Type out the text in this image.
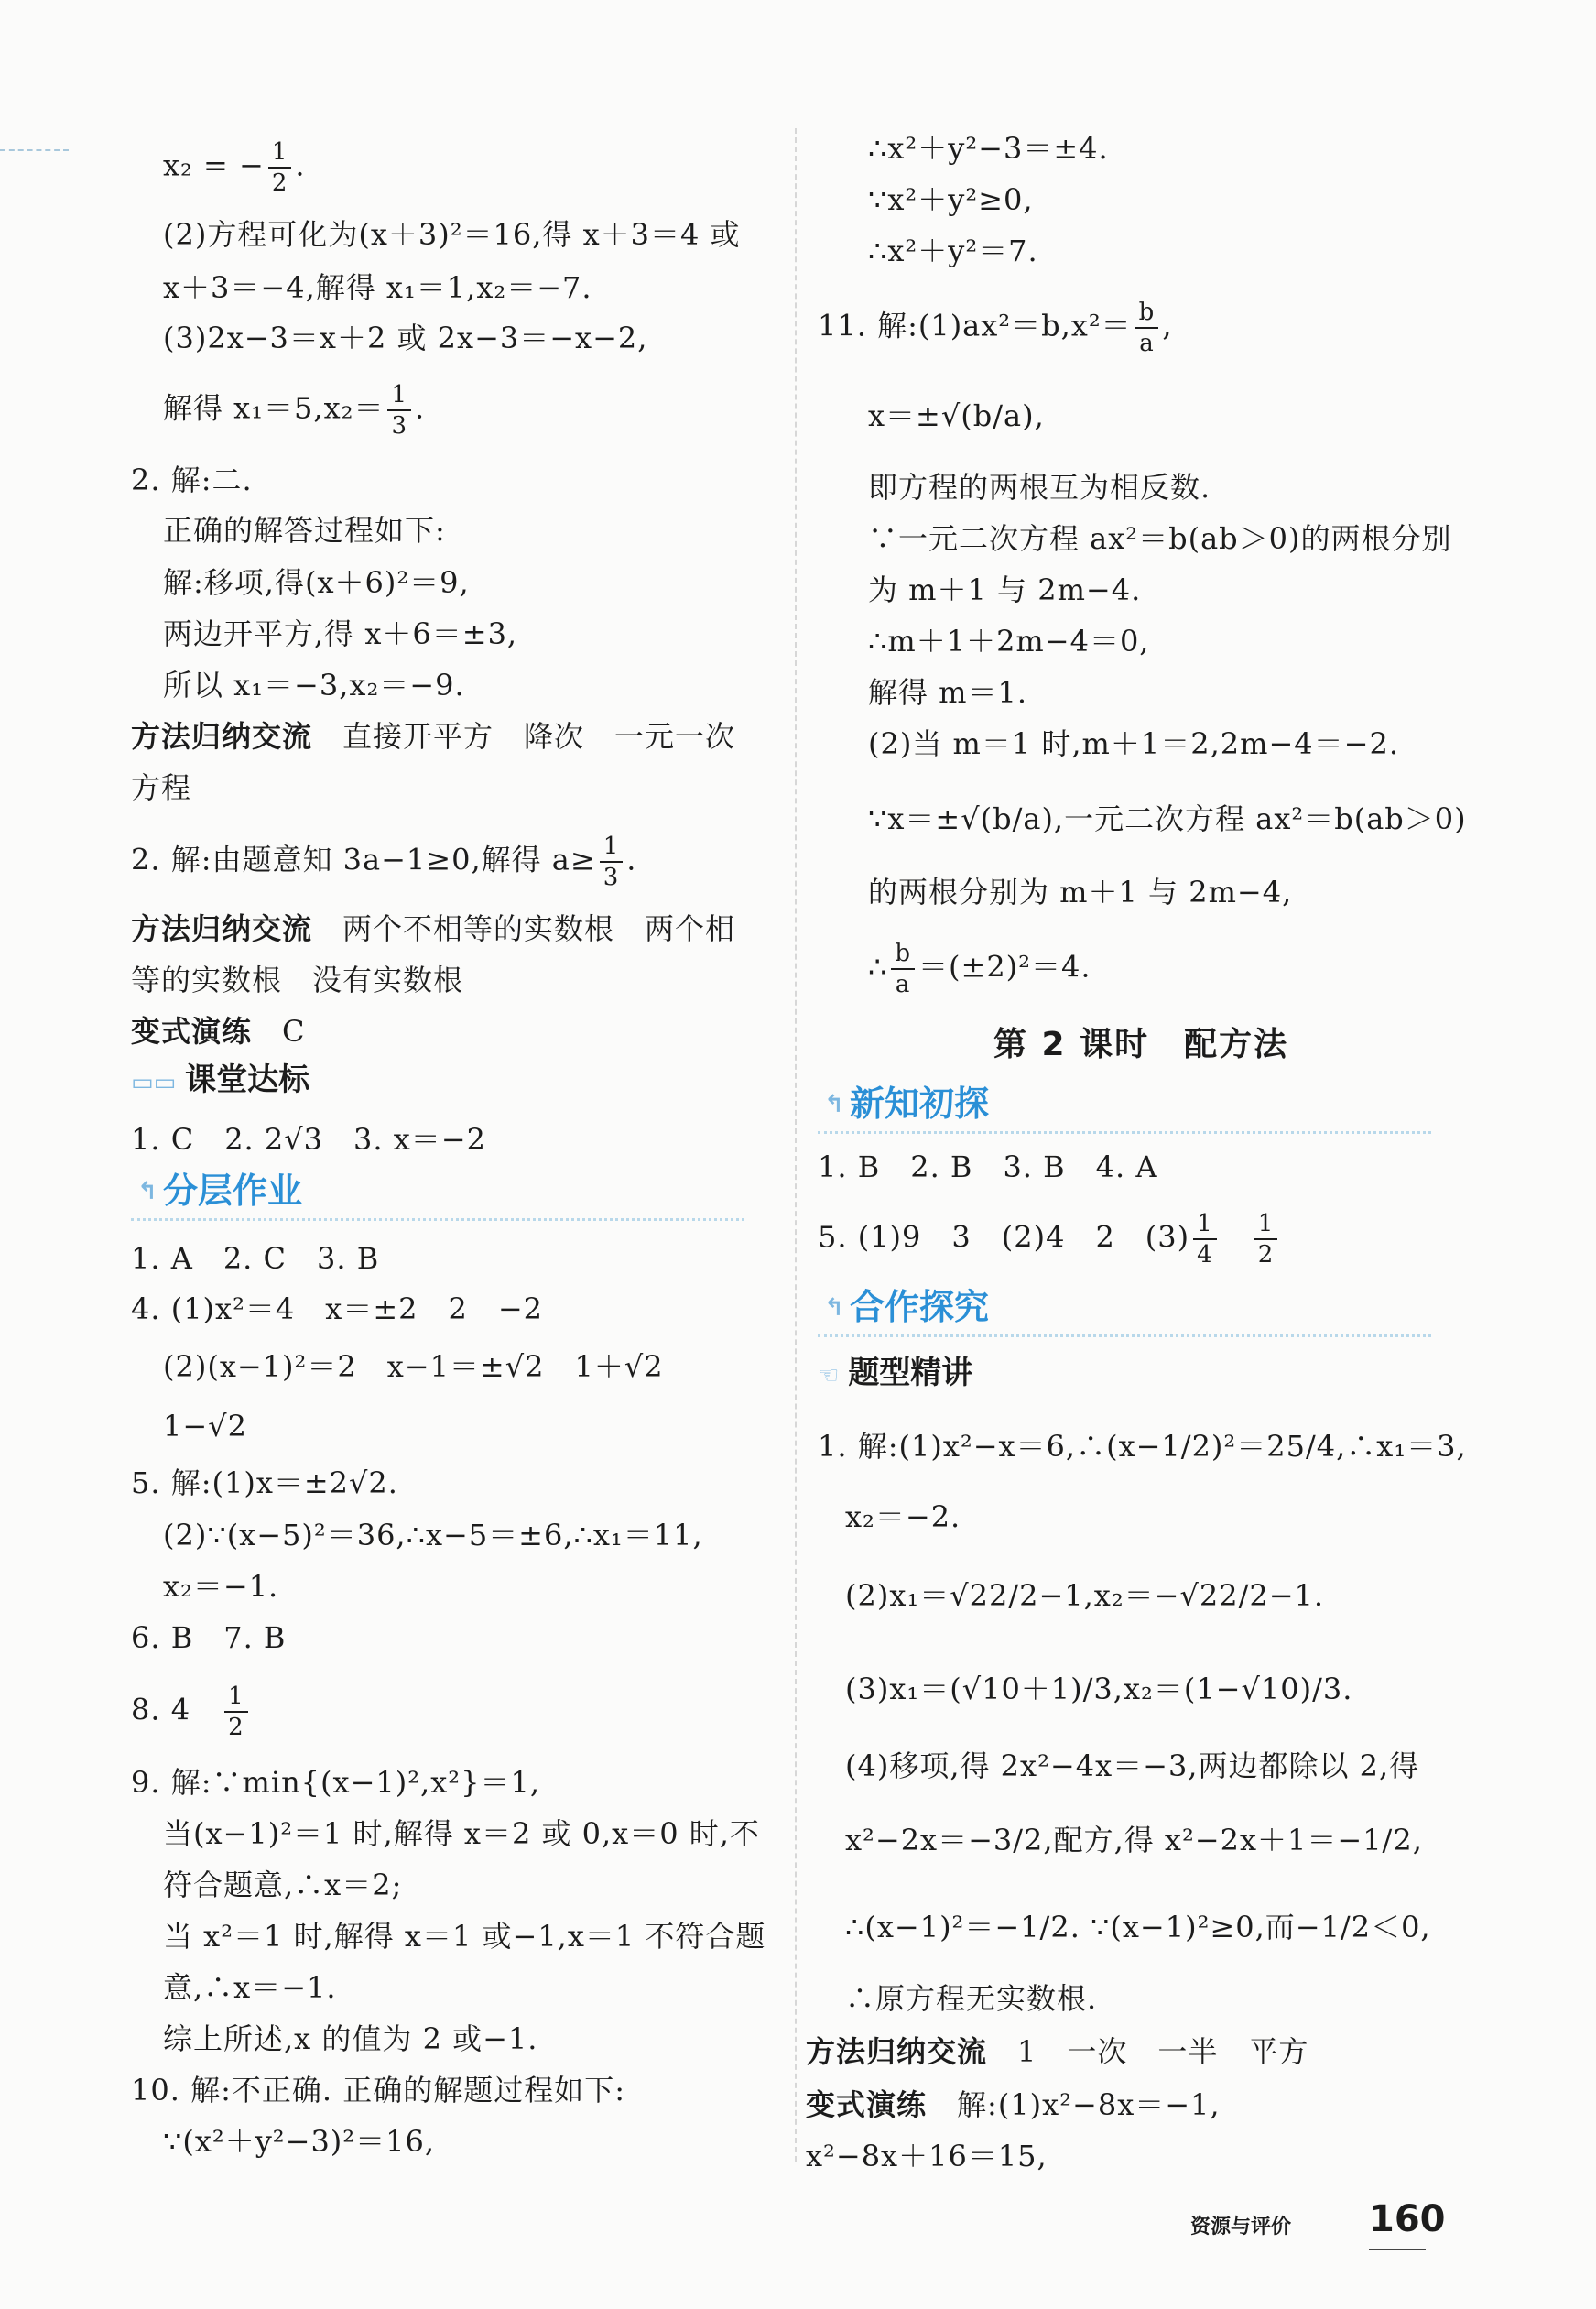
x₂ = − $\frac{1}{2}$ .
(2)方程可化为(x＋3)²＝16,得 x＋3＝4 或
x＋3＝−4,解得 x₁＝1,x₂＝−7.
(3)2x−3＝x＋2 或 2x−3＝−x−2,
解得 $x_1=5,x_2= \frac{1}{3}$ .
2. 解:二.
正确的解答过程如下:
解:移项,得(x＋6)²＝9,
两边开平方,得 x＋6＝±3,
所以 x₁＝−3,x₂＝−9.
方法归纳交流　 直接开平方　降次　一元一次
方程
2. 解:由题意知 3a−1≥0,解得 $a\ge \frac{1}{3}$ .
方法归纳交流　 两个不相等的实数根　两个相
等的实数根　没有实数根
变式演练　 C
▭▭ 课堂达标
1. C　2. 2√3　3. x＝−2
↰ 分层作业
1. A　2. C　3. B
4. (1)x²＝4　x＝±2　2　−2
(2)(x−1)²＝2　x−1＝±√2　1＋√2
1−√2
5. 解:(1)x＝±2√2.
(2)∵(x−5)²＝36,∴x−5＝±6,∴x₁＝11,
x₂＝−1.
6. B　7. B
8. 4　 $\frac{1}{2}$
9. 解:∵min{(x−1)²,x²}＝1,
当(x−1)²＝1 时,解得 x＝2 或 0,x＝0 时,不
符合题意,∴x＝2;
当 x²＝1 时,解得 x＝1 或−1,x＝1 不符合题
意,∴x＝−1.
综上所述,x 的值为 2 或−1.
10. 解:不正确. 正确的解题过程如下:
∵(x²＋y²−3)²＝16,
∴x²＋y²−3＝±4.
∵x²＋y²≥0,
∴x²＋y²＝7.
11. 解:(1)ax²＝b,x²＝ $\frac{b}{a}$ ,
x＝±√(b/a),
即方程的两根互为相反数.
∵一元二次方程 ax²＝b(ab＞0)的两根分别
为 m＋1 与 2m−4.
∴m＋1＋2m−4＝0,
解得 m＝1.
(2)当 m＝1 时,m＋1＝2,2m−4＝−2.
∵x＝±√(b/a),一元二次方程 ax²＝b(ab＞0)
的两根分别为 m＋1 与 2m−4,
∴ $\frac{b}{a} =(\pm 2)^2=4$.
第 2 课时　配方法
↰ 新知初探
1. B　2. B　3. B　4. A
5. (1)9　3　(2)4　2　$(3) \frac{1}{4}$
　 $\frac{1}{2}$
↰ 合作探究
☜ 题型精讲
1. 解:(1)x²−x＝6,∴(x−1/2)²＝25/4,∴x₁＝3,
x₂＝−2.
(2)x₁＝√22/2−1,x₂＝−√22/2−1.
(3)x₁＝(√10＋1)/3,x₂＝(1−√10)/3.
(4)移项,得 2x²−4x＝−3,两边都除以 2,得
x²−2x＝−3/2,配方,得 x²−2x＋1＝−1/2,
∴(x−1)²＝−1/2. ∵(x−1)²≥0,而−1/2＜0,
∴原方程无实数根.
方法归纳交流　 1　一次　一半　平方
变式演练　 解:(1)x²−8x＝−1,
x²−8x＋16＝15,
资源与评价 160
